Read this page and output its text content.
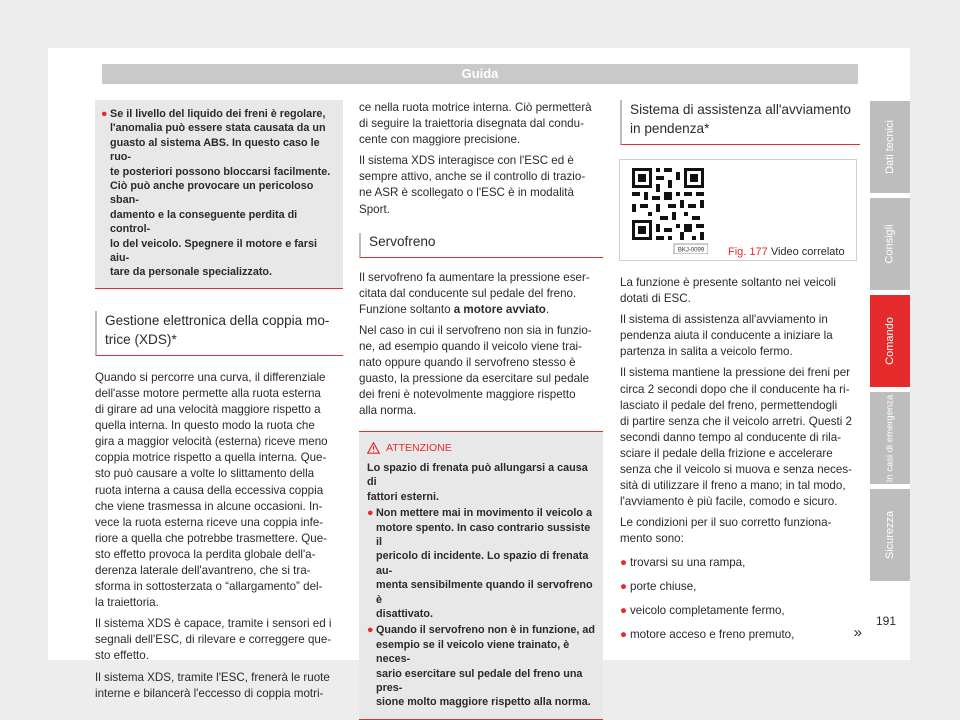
Guida
● Se il livello del liquido dei freni è regolare,
l'anomalia può essere stata causata da un
guasto al sistema ABS. In questo caso le ruo-
te posteriori possono bloccarsi facilmente.
Ciò può anche provocare un pericoloso sban-
damento e la conseguente perdita di control-
lo del veicolo. Spegnere il motore e farsi aiu-
tare da personale specializzato.
Gestione elettronica della coppia mo-
trice (XDS)*

Quando si percorre una curva, il differenziale
dell'asse motore permette alla ruota esterna
di girare ad una velocità maggiore rispetto a
quella interna. In questo modo la ruota che
gira a maggior velocità (esterna) riceve meno
coppia motrice rispetto a quella interna. Que-
sto può causare a volte lo slittamento della
ruota interna a causa della eccessiva coppia
che viene trasmessa in alcune occasioni. In-
vece la ruota esterna riceve una coppia infe-
riore a quella che potrebbe trasmettere. Que-
sto effetto provoca la perdita globale dell'a-
derenza laterale dell'avantreno, che si tra-
sforma in sottosterzata o “allargamento” del-
la traiettoria.

Il sistema XDS è capace, tramite i sensori ed i
segnali dell'ESC, di rilevare e correggere que-
sto effetto.

Il sistema XDS, tramite l'ESC, frenerà le ruote
interne e bilancerà l'eccesso di coppia motri-

ce nella ruota motrice interna. Ciò permetterà
di seguire la traiettoria disegnata dal condu-
cente con maggiore precisione.

Il sistema XDS interagisce con l'ESC ed è
sempre attivo, anche se il controllo di trazio-
ne ASR è scollegato o l'ESC è in modalità
Sport.

Servofreno

Il servofreno fa aumentare la pressione eser-
citata dal conducente sul pedale del freno.
Funzione soltanto a motore avviato.

Nel caso in cui il servofreno non sia in funzio-
ne, ad esempio quando il veicolo viene trai-
nato oppure quando il servofreno stesso è
guasto, la pressione da esercitare sul pedale
dei freni è notevolmente maggiore rispetto
alla norma.

ATTENZIONE
Lo spazio di frenata può allungarsi a causa di
fattori esterni.
● Non mettere mai in movimento il veicolo a
motore spento. In caso contrario sussiste il
pericolo di incidente. Lo spazio di frenata au-
menta sensibilmente quando il servofreno è
disattivato.
● Quando il servofreno non è in funzione, ad
esempio se il veicolo viene trainato, è neces-
sario esercitare sul pedale del freno una pres-
sione molto maggiore rispetto alla norma.
Sistema di assistenza all'avviamento
in pendenza*
BKJ-0099 Fig. 177 Video correlato

La funzione è presente soltanto nei veicoli
dotati di ESC.

Il sistema di assistenza all'avviamento in
pendenza aiuta il conducente a iniziare la
partenza in salita a veicolo fermo.

Il sistema mantiene la pressione dei freni per
circa 2 secondi dopo che il conducente ha ri-
lasciato il pedale del freno, permettendogli
di partire senza che il veicolo arretri. Questi 2
secondi danno tempo al conducente di rila-
sciare il pedale della frizione e accelerare
senza che il veicolo si muova e senza neces-
sità di utilizzare il freno a mano; in tal modo,
l'avviamento è più facile, comodo e sicuro.

Le condizioni per il suo corretto funziona-
mento sono:

● trovarsi su una rampa,
● porte chiuse,
● veicolo completamente fermo,
● motore acceso e freno premuto,	»
Dati tecnici
Consigli
Comando
In casi di emergenza
Sicurezza
191
